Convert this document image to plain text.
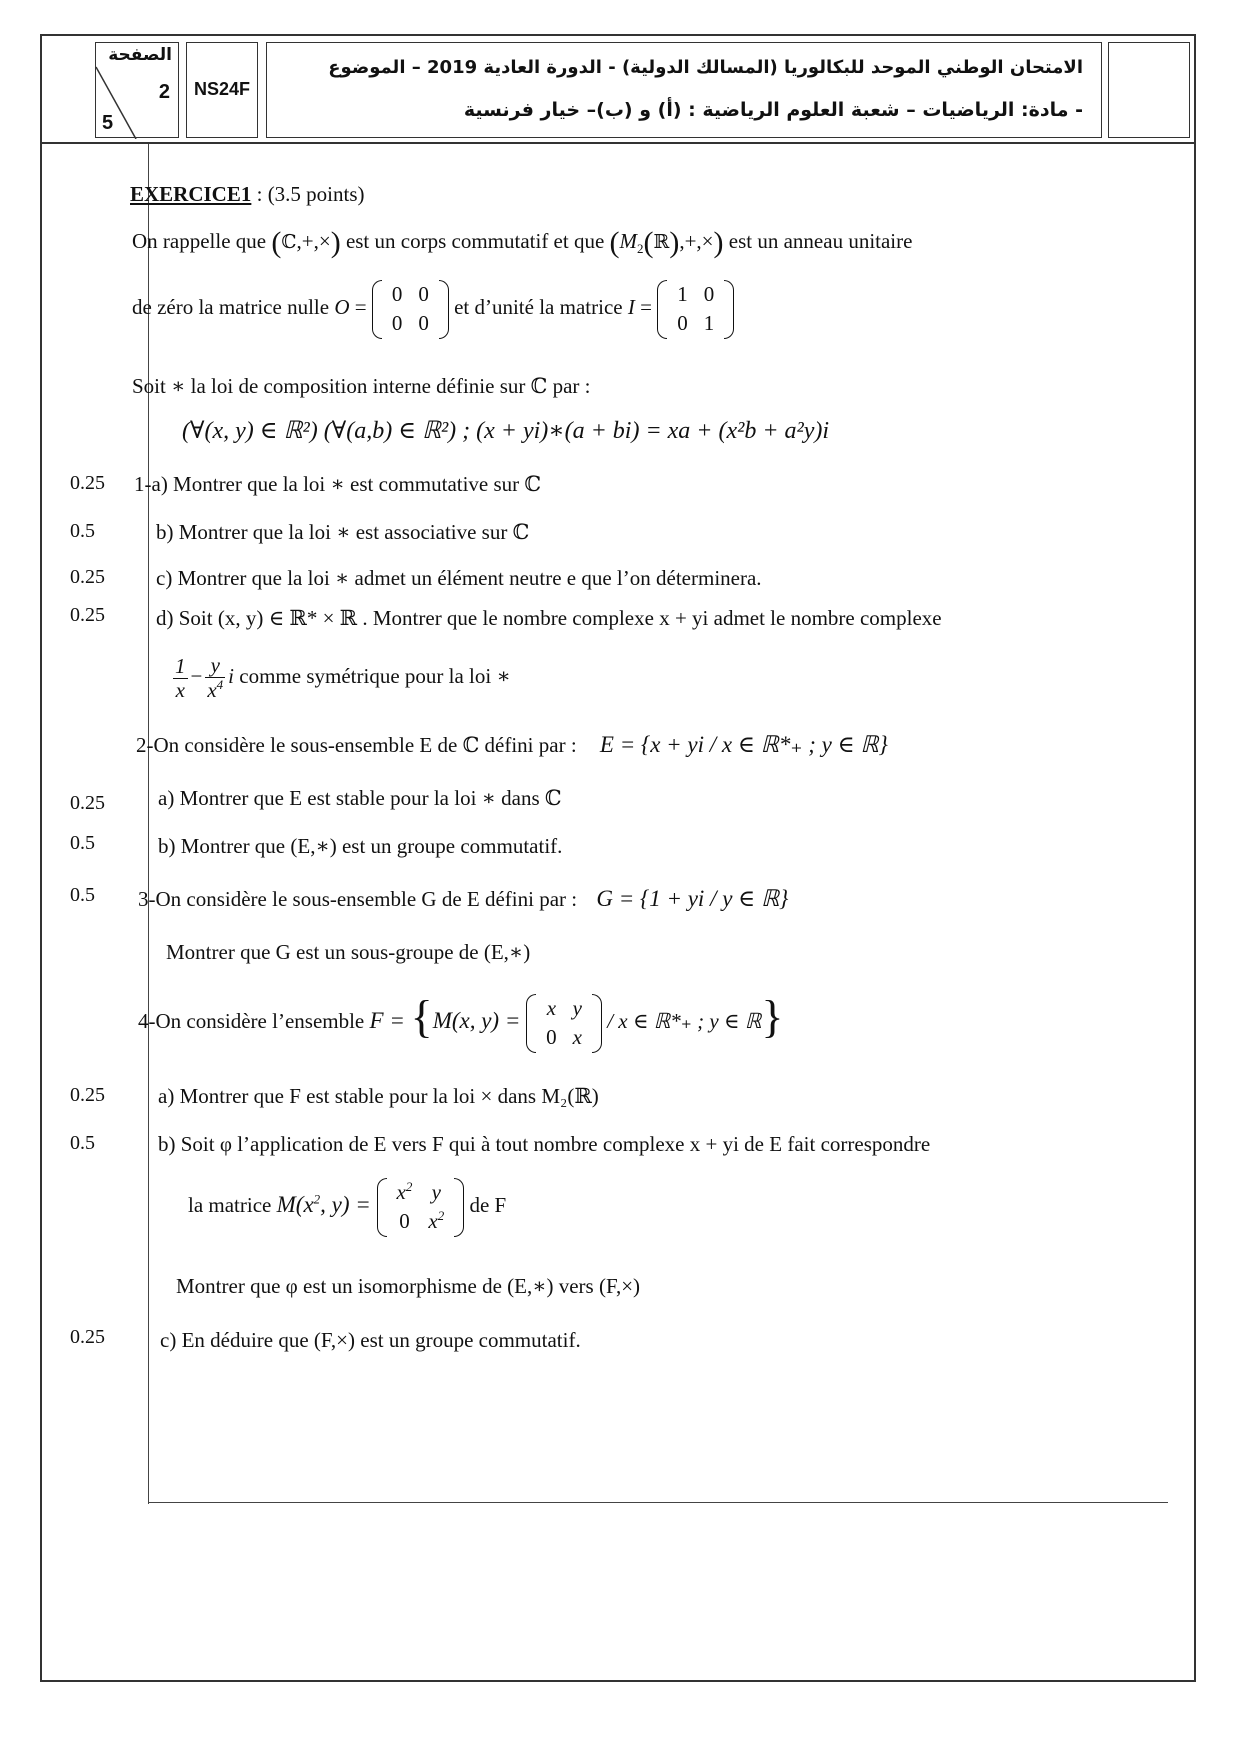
الصفحة
2
5
NS24F
الامتحان الوطني الموحد للبكالوريا (المسالك الدولية) - الدورة العادية 2019 – الموضوع
- مادة: الرياضيات – شعبة العلوم الرياضية : (أ) و (ب)– خيار فرنسية
0.25
0.5
0.25
0.25
0.25
0.5
0.5
0.25
0.5
0.25
EXERCICE1 : (3.5 points)
On rappelle que (ℂ,+,×) est un corps commutatif et que $(M_2(ℝ),+,\times)$ est un anneau unitaire
de zéro la matrice nulle O =
0	0
0	0
et d’unité la matrice I =
1	0
0	1
Soit ∗ la loi de composition interne définie sur ℂ par :
(∀(x, y) ∈ ℝ²) (∀(a,b) ∈ ℝ²) ; (x + yi)∗(a + bi) = xa + (x²b + a²y)i
1-a) Montrer que la loi ∗ est commutative sur ℂ
b) Montrer que la loi ∗ est associative sur ℂ
c) Montrer que la loi ∗ admet un élément neutre e que l’on déterminera.
d) Soit (x, y) ∈ ℝ* × ℝ . Montrer que le nombre complexe x + yi admet le nombre complexe
$\frac{1}{x} - \frac{y}{x^4}$ i comme symétrique pour la loi ∗
2-On considère le sous-ensemble E de ℂ défini par : E = {x + yi / x ∈ ℝ*₊ ; y ∈ ℝ}
a) Montrer que E est stable pour la loi ∗ dans ℂ
b) Montrer que (E,∗) est un groupe commutatif.
3-On considère le sous-ensemble G de E défini par : G = {1 + yi / y ∈ ℝ}
Montrer que G est un sous-groupe de (E,∗)
4-On considère l’ensemble F = {M(x, y) =
x	y
0	x
/ x ∈ ℝ*₊ ; y ∈ ℝ}
a) Montrer que F est stable pour la loi × dans M₂(ℝ)
b) Soit φ l’application de E vers F qui à tout nombre complexe x + yi de E fait correspondre
la matrice $M(x^2$, y) =
$x^2$	y
0	$x^2$ de F
Montrer que φ est un isomorphisme de (E,∗) vers (F,×)
c) En déduire que (F,×) est un groupe commutatif.
